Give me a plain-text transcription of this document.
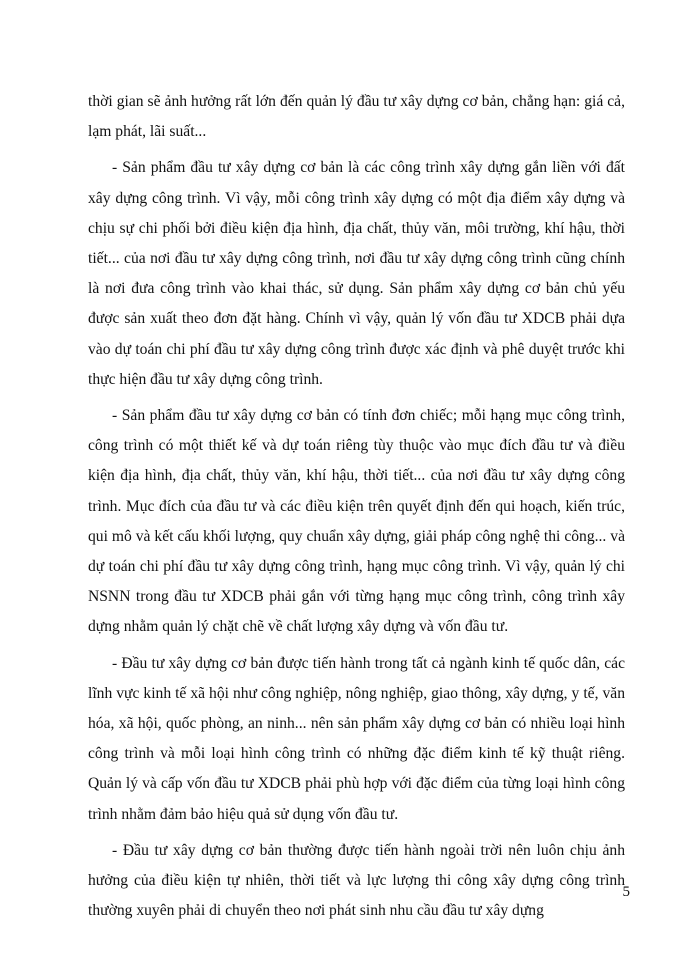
thời gian sẽ ảnh hưởng rất lớn đến quản lý đầu tư xây dựng cơ bản, chẳng hạn: giá cả, lạm phát, lãi suất...

- Sản phẩm đầu tư xây dựng cơ bản là các công trình xây dựng gắn liền với đất xây dựng công trình. Vì vậy, mỗi công trình xây dựng có một địa điểm xây dựng và chịu sự chi phối bởi điều kiện địa hình, địa chất, thủy văn, môi trường, khí hậu, thời tiết... của nơi đầu tư xây dựng công trình, nơi đầu tư xây dựng công trình cũng chính là nơi đưa công trình vào khai thác, sử dụng. Sản phẩm xây dựng cơ bản chủ yếu được sản xuất theo đơn đặt hàng. Chính vì vậy, quản lý vốn đầu tư XDCB phải dựa vào dự toán chi phí đầu tư xây dựng công trình được xác định và phê duyệt trước khi thực hiện đầu tư xây dựng công trình.

- Sản phẩm đầu tư xây dựng cơ bản có tính đơn chiếc; mỗi hạng mục công trình, công trình có một thiết kế và dự toán riêng tùy thuộc vào mục đích đầu tư và điều kiện địa hình, địa chất, thủy văn, khí hậu, thời tiết... của nơi đầu tư xây dựng công trình. Mục đích của đầu tư và các điều kiện trên quyết định đến qui hoạch, kiến trúc, qui mô và kết cấu khối lượng, quy chuẩn xây dựng, giải pháp công nghệ thi công... và dự toán chi phí đầu tư xây dựng công trình, hạng mục công trình. Vì vậy, quản lý chi NSNN trong đầu tư XDCB phải gắn với từng hạng mục công trình, công trình xây dựng nhằm quản lý chặt chẽ về chất lượng xây dựng và vốn đầu tư.

- Đầu tư xây dựng cơ bản được tiến hành trong tất cả ngành kinh tế quốc dân, các lĩnh vực kinh tế xã hội như công nghiệp, nông nghiệp, giao thông, xây dựng, y tế, văn hóa, xã hội, quốc phòng, an ninh... nên sản phẩm xây dựng cơ bản có nhiều loại hình công trình và mỗi loại hình công trình có những đặc điểm kinh tế kỹ thuật riêng. Quản lý và cấp vốn đầu tư XDCB phải phù hợp với đặc điểm của từng loại hình công trình nhằm đảm bảo hiệu quả sử dụng vốn đầu tư.

- Đầu tư xây dựng cơ bản thường được tiến hành ngoài trời nên luôn chịu ảnh hưởng của điều kiện tự nhiên, thời tiết và lực lượng thi công xây dựng công trình thường xuyên phải di chuyển theo nơi phát sinh nhu cầu đầu tư xây dựng

5
